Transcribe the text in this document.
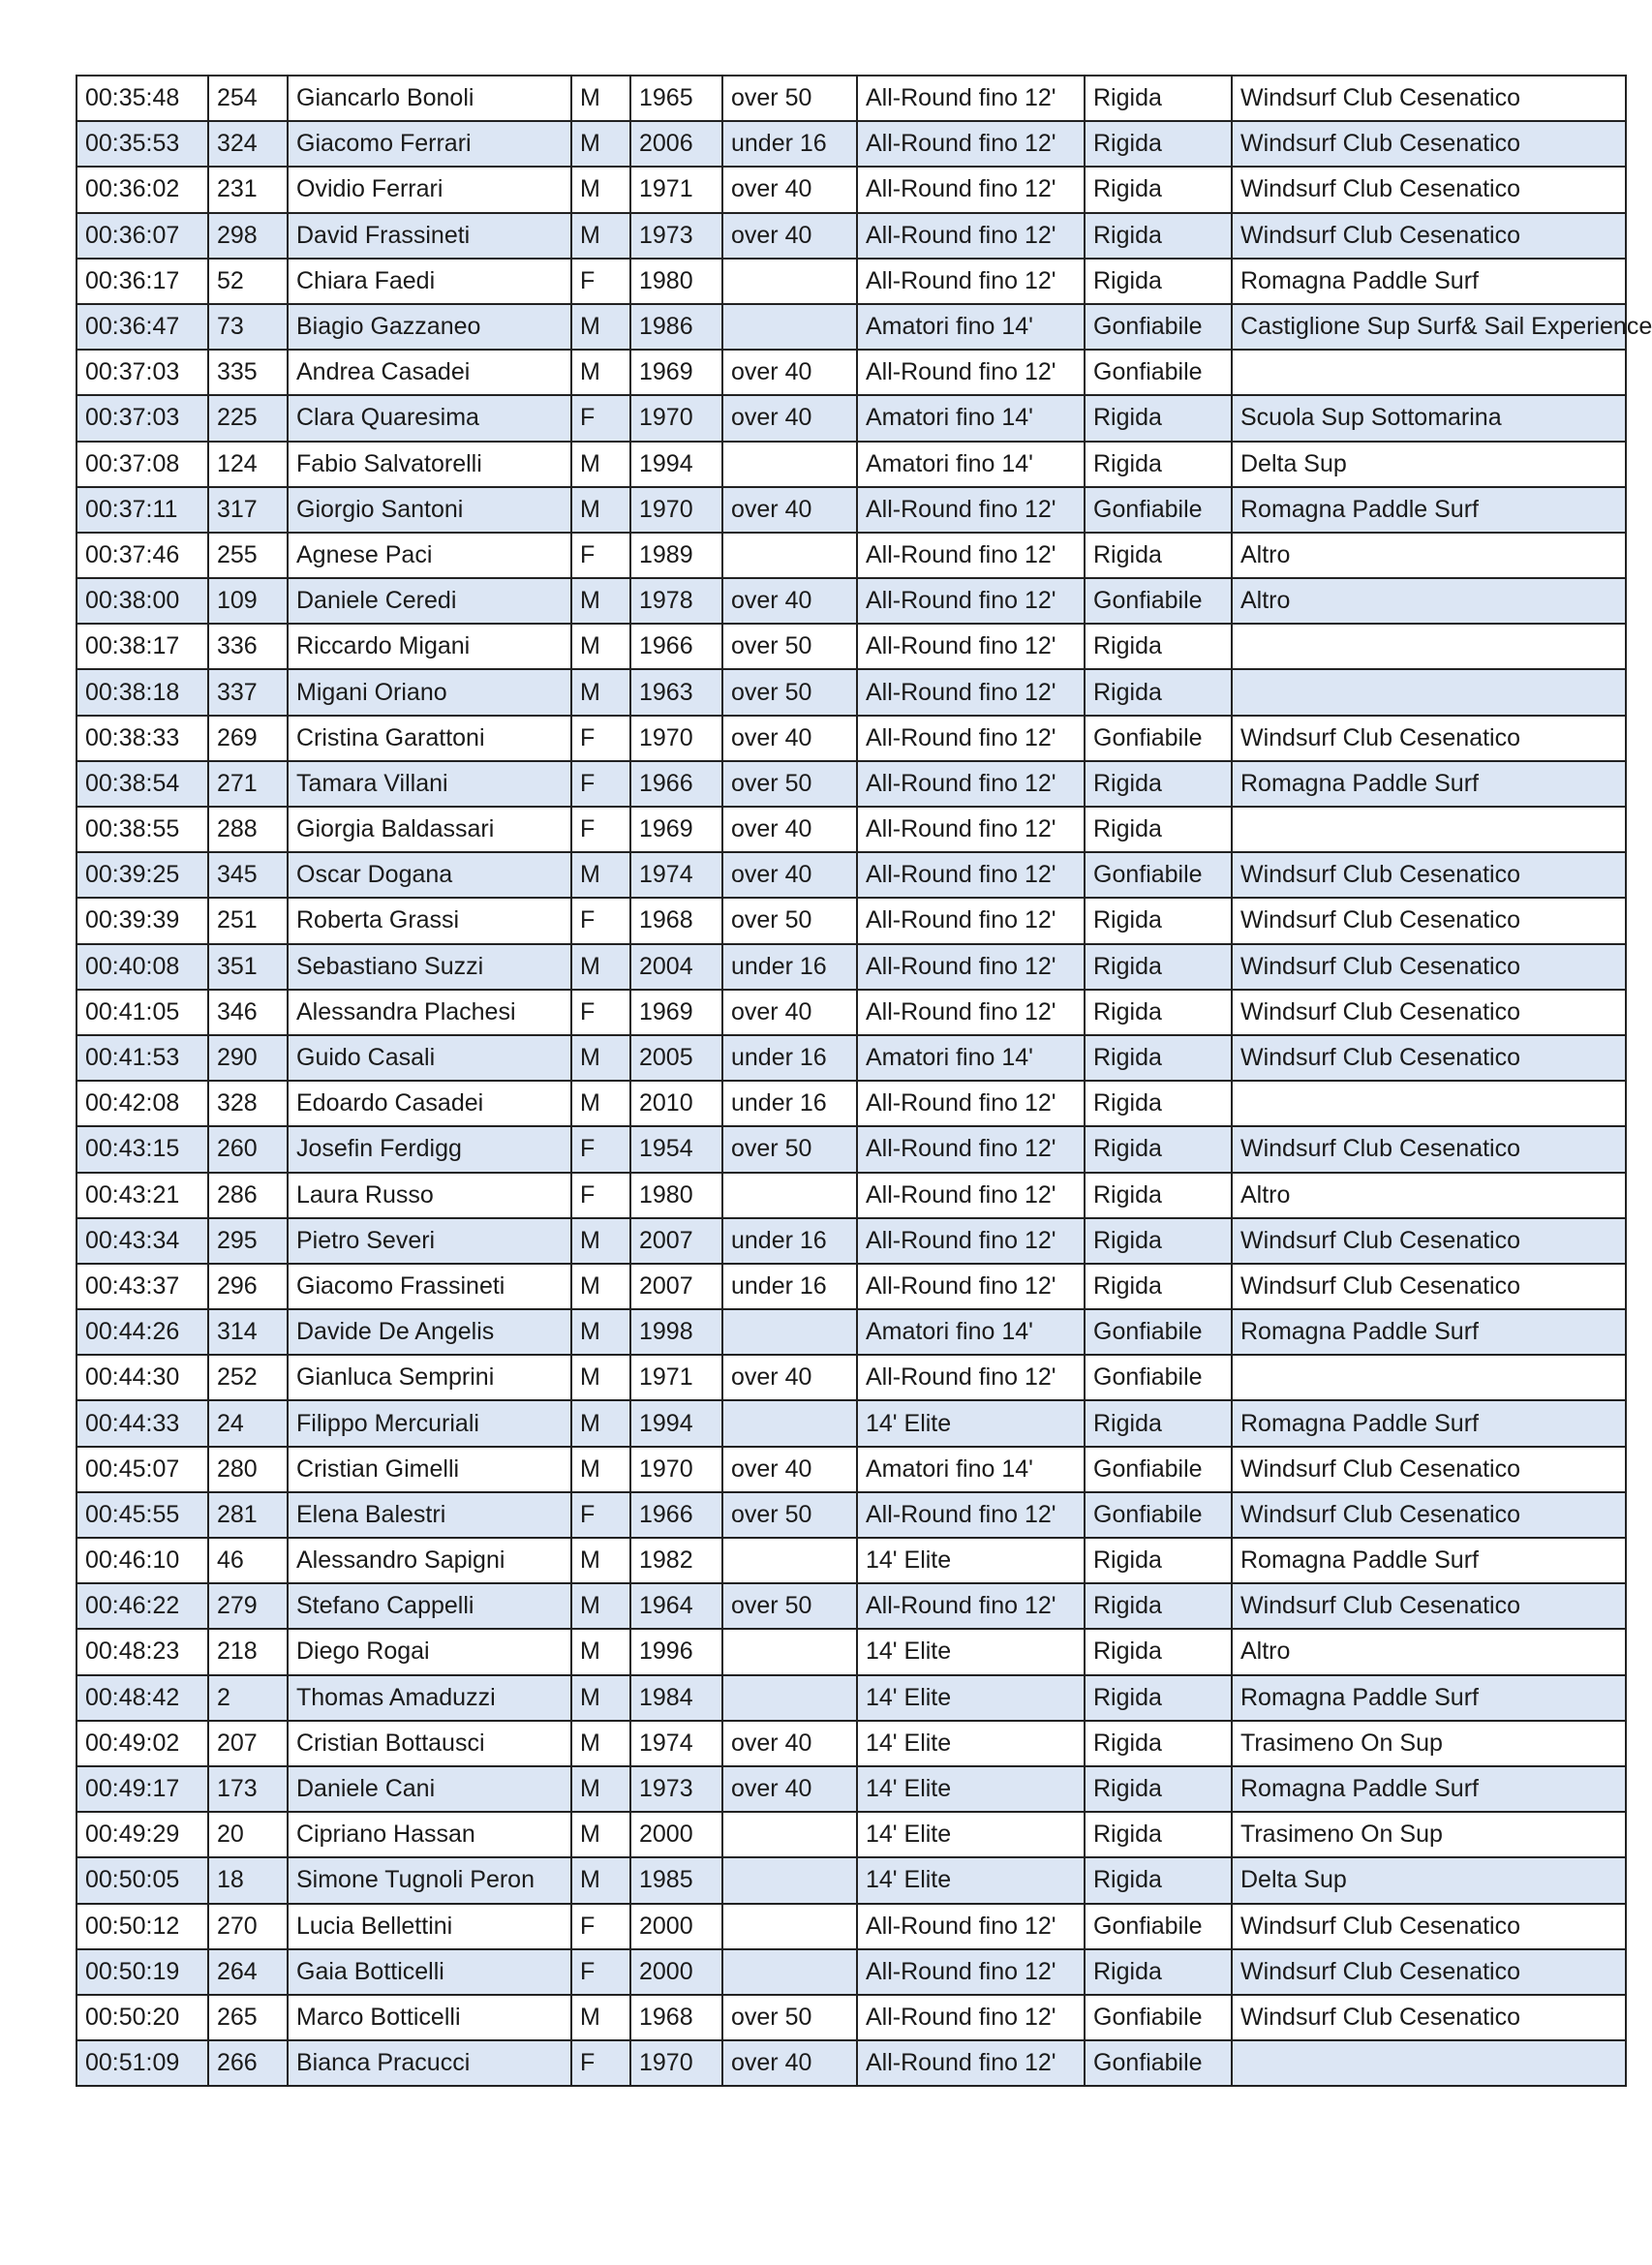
00:35:48	254	Giancarlo Bonoli	M	1965	over 50	All-Round fino 12'	Rigida	Windsurf Club Cesenatico
00:35:53	324	Giacomo Ferrari	M	2006	under 16	All-Round fino 12'	Rigida	Windsurf Club Cesenatico
00:36:02	231	Ovidio Ferrari	M	1971	over 40	All-Round fino 12'	Rigida	Windsurf Club Cesenatico
00:36:07	298	David Frassineti	M	1973	over 40	All-Round fino 12'	Rigida	Windsurf Club Cesenatico
00:36:17	52	Chiara Faedi	F	1980		All-Round fino 12'	Rigida	Romagna Paddle Surf
00:36:47	73	Biagio Gazzaneo	M	1986		Amatori fino 14'	Gonfiabile	Castiglione Sup Surf& Sail Experience
00:37:03	335	Andrea Casadei	M	1969	over 40	All-Round fino 12'	Gonfiabile	
00:37:03	225	Clara Quaresima	F	1970	over 40	Amatori fino 14'	Rigida	Scuola Sup Sottomarina
00:37:08	124	Fabio Salvatorelli	M	1994		Amatori fino 14'	Rigida	Delta Sup
00:37:11	317	Giorgio Santoni	M	1970	over 40	All-Round fino 12'	Gonfiabile	Romagna Paddle Surf
00:37:46	255	Agnese Paci	F	1989		All-Round fino 12'	Rigida	Altro
00:38:00	109	Daniele Ceredi	M	1978	over 40	All-Round fino 12'	Gonfiabile	Altro
00:38:17	336	Riccardo Migani	M	1966	over 50	All-Round fino 12'	Rigida	
00:38:18	337	Migani Oriano	M	1963	over 50	All-Round fino 12'	Rigida	
00:38:33	269	Cristina Garattoni	F	1970	over 40	All-Round fino 12'	Gonfiabile	Windsurf Club Cesenatico
00:38:54	271	Tamara Villani	F	1966	over 50	All-Round fino 12'	Rigida	Romagna Paddle Surf
00:38:55	288	Giorgia Baldassari	F	1969	over 40	All-Round fino 12'	Rigida	
00:39:25	345	Oscar Dogana	M	1974	over 40	All-Round fino 12'	Gonfiabile	Windsurf Club Cesenatico
00:39:39	251	Roberta Grassi	F	1968	over 50	All-Round fino 12'	Rigida	Windsurf Club Cesenatico
00:40:08	351	Sebastiano Suzzi	M	2004	under 16	All-Round fino 12'	Rigida	Windsurf Club Cesenatico
00:41:05	346	Alessandra Plachesi	F	1969	over 40	All-Round fino 12'	Rigida	Windsurf Club Cesenatico
00:41:53	290	Guido Casali	M	2005	under 16	Amatori fino 14'	Rigida	Windsurf Club Cesenatico
00:42:08	328	Edoardo Casadei	M	2010	under 16	All-Round fino 12'	Rigida	
00:43:15	260	Josefin Ferdigg	F	1954	over 50	All-Round fino 12'	Rigida	Windsurf Club Cesenatico
00:43:21	286	Laura Russo	F	1980		All-Round fino 12'	Rigida	Altro
00:43:34	295	Pietro Severi	M	2007	under 16	All-Round fino 12'	Rigida	Windsurf Club Cesenatico
00:43:37	296	Giacomo Frassineti	M	2007	under 16	All-Round fino 12'	Rigida	Windsurf Club Cesenatico
00:44:26	314	Davide De Angelis	M	1998		Amatori fino 14'	Gonfiabile	Romagna Paddle Surf
00:44:30	252	Gianluca Semprini	M	1971	over 40	All-Round fino 12'	Gonfiabile	
00:44:33	24	Filippo Mercuriali	M	1994		14' Elite	Rigida	Romagna Paddle Surf
00:45:07	280	Cristian Gimelli	M	1970	over 40	Amatori fino 14'	Gonfiabile	Windsurf Club Cesenatico
00:45:55	281	Elena Balestri	F	1966	over 50	All-Round fino 12'	Gonfiabile	Windsurf Club Cesenatico
00:46:10	46	Alessandro Sapigni	M	1982		14' Elite	Rigida	Romagna Paddle Surf
00:46:22	279	Stefano Cappelli	M	1964	over 50	All-Round fino 12'	Rigida	Windsurf Club Cesenatico
00:48:23	218	Diego Rogai	M	1996		14' Elite	Rigida	Altro
00:48:42	2	Thomas Amaduzzi	M	1984		14' Elite	Rigida	Romagna Paddle Surf
00:49:02	207	Cristian Bottausci	M	1974	over 40	14' Elite	Rigida	Trasimeno On Sup
00:49:17	173	Daniele Cani	M	1973	over 40	14' Elite	Rigida	Romagna Paddle Surf
00:49:29	20	Cipriano Hassan	M	2000		14' Elite	Rigida	Trasimeno On Sup
00:50:05	18	Simone Tugnoli Peron	M	1985		14' Elite	Rigida	Delta Sup
00:50:12	270	Lucia Bellettini	F	2000		All-Round fino 12'	Gonfiabile	Windsurf Club Cesenatico
00:50:19	264	Gaia Botticelli	F	2000		All-Round fino 12'	Rigida	Windsurf Club Cesenatico
00:50:20	265	Marco Botticelli	M	1968	over 50	All-Round fino 12'	Gonfiabile	Windsurf Club Cesenatico
00:51:09	266	Bianca Pracucci	F	1970	over 40	All-Round fino 12'	Gonfiabile	
